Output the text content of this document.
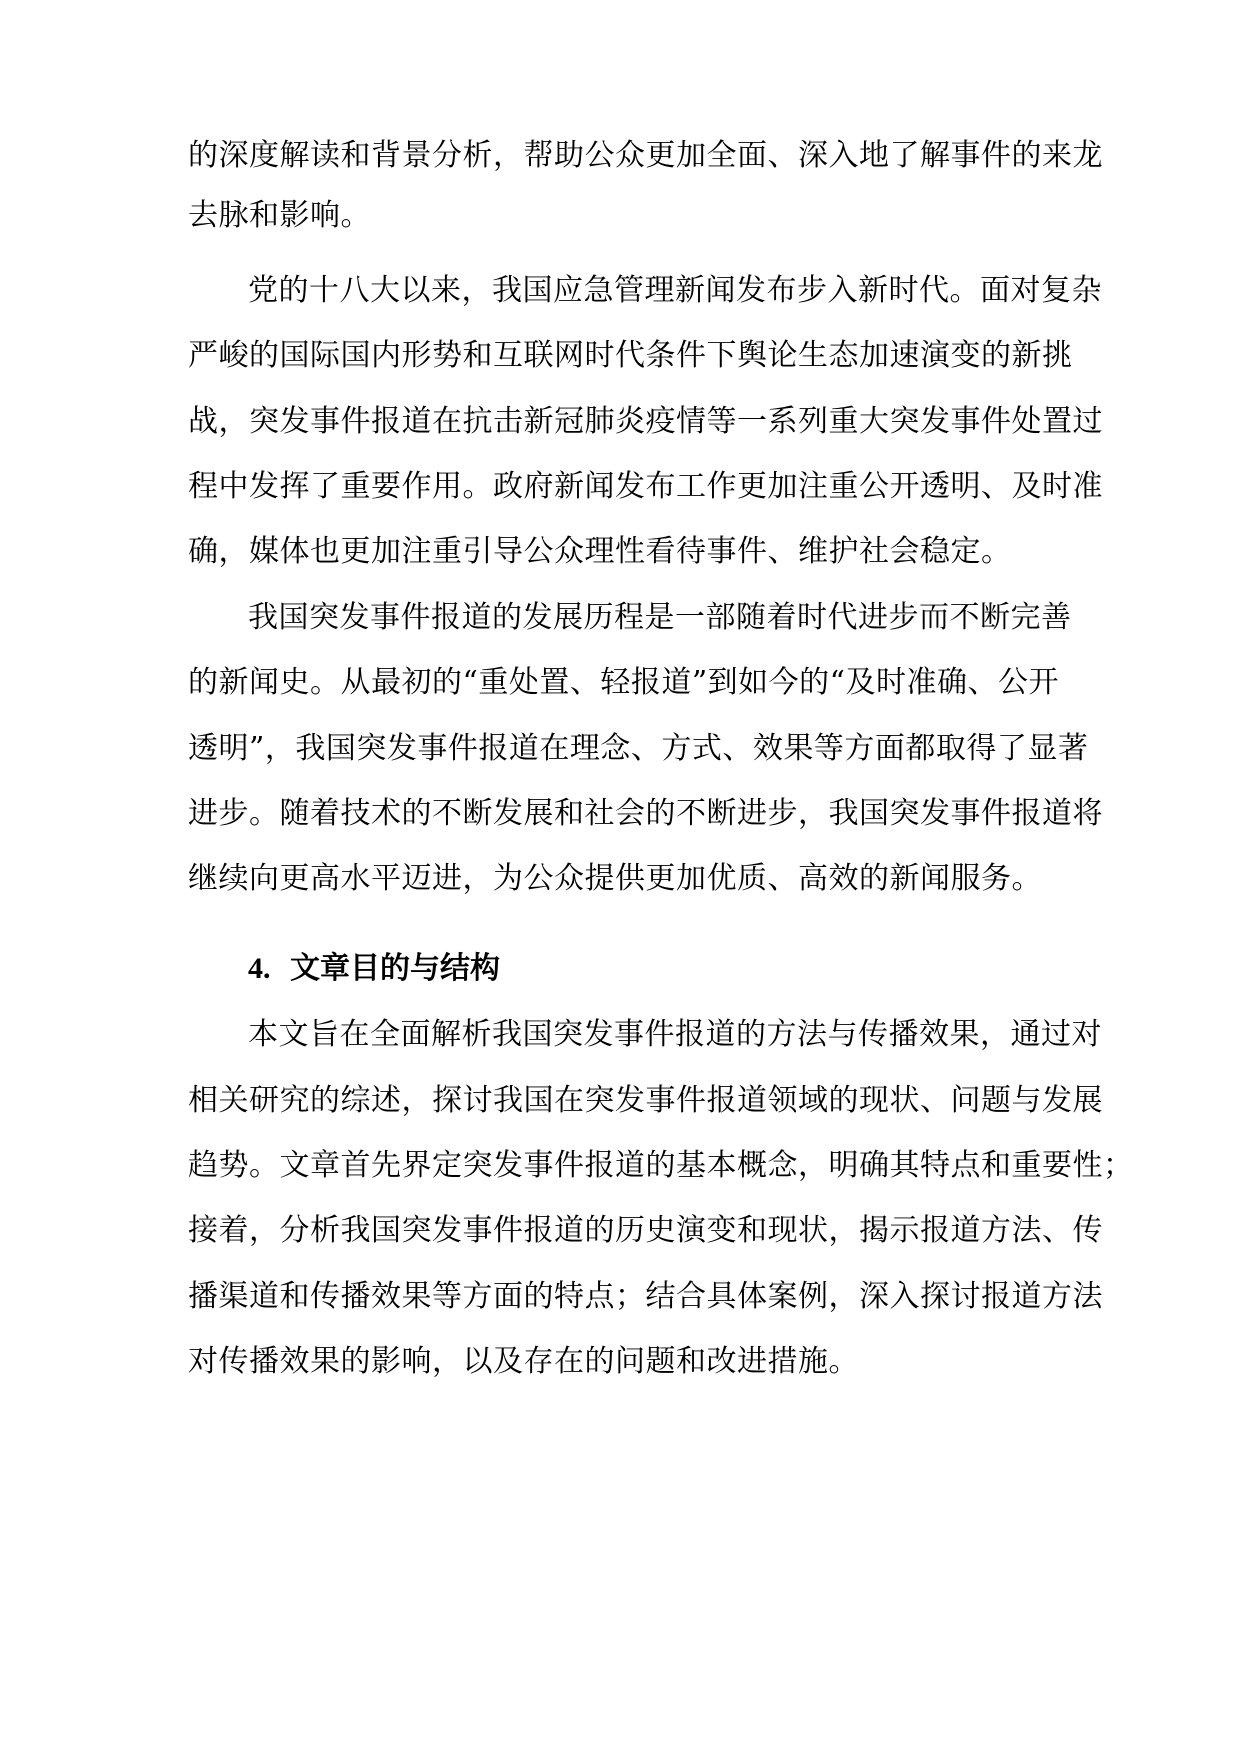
的深度解读和背景分析，帮助公众更加全面、深入地了解事件的来龙
去脉和影响。
党的十八大以来，我国应急管理新闻发布步入新时代。面对复杂
严峻的国际国内形势和互联网时代条件下舆论生态加速演变的新挑
战，突发事件报道在抗击新冠肺炎疫情等一系列重大突发事件处置过
程中发挥了重要作用。政府新闻发布工作更加注重公开透明、及时准
确，媒体也更加注重引导公众理性看待事件、维护社会稳定。
我国突发事件报道的发展历程是一部随着时代进步而不断完善
的新闻史。从最初的“重处置、轻报道”到如今的“及时准确、公开
透明”，我国突发事件报道在理念、方式、效果等方面都取得了显著
进步。随着技术的不断发展和社会的不断进步，我国突发事件报道将
继续向更高水平迈进，为公众提供更加优质、高效的新闻服务。
4. 文章目的与结构
本文旨在全面解析我国突发事件报道的方法与传播效果，通过对
相关研究的综述，探讨我国在突发事件报道领域的现状、问题与发展
趋势。文章首先界定突发事件报道的基本概念，明确其特点和重要性；
接着，分析我国突发事件报道的历史演变和现状，揭示报道方法、传
播渠道和传播效果等方面的特点；结合具体案例，深入探讨报道方法
对传播效果的影响，以及存在的问题和改进措施。
